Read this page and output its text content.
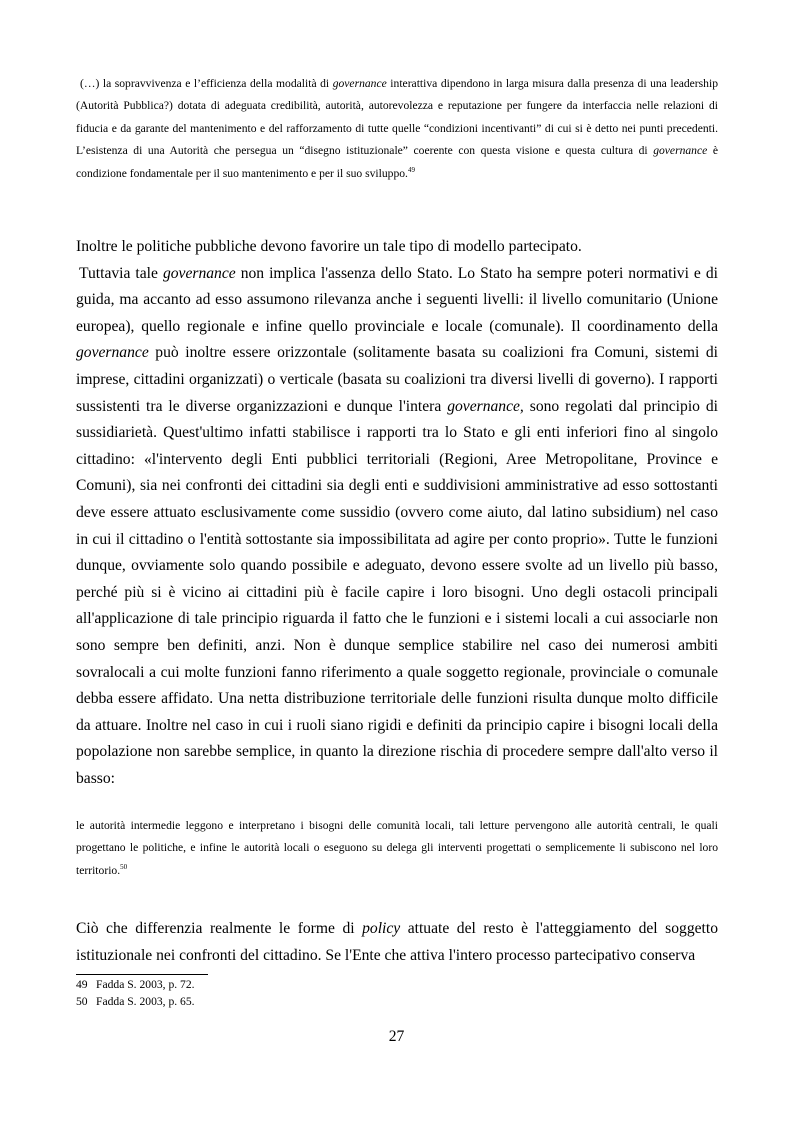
(…) la sopravvivenza e l’efficienza della modalità di governance interattiva dipendono in larga misura dalla presenza di una leadership (Autorità Pubblica?) dotata di adeguata credibilità, autorità, autorevolezza e reputazione per fungere da interfaccia nelle relazioni di fiducia e da garante del mantenimento e del rafforzamento di tutte quelle “condizioni incentivanti” di cui si è detto nei punti precedenti. L’esistenza di una Autorità che persegua un “disegno istituzionale” coerente con questa visione e questa cultura di governance è condizione fondamentale per il suo mantenimento e per il suo sviluppo.$^{49}$

Inoltre le politiche pubbliche devono favorire un tale tipo di modello partecipato.

Tuttavia tale governance non implica l'assenza dello Stato. Lo Stato ha sempre poteri normativi e di guida, ma accanto ad esso assumono rilevanza anche i seguenti livelli: il livello comunitario (Unione europea), quello regionale e infine quello provinciale e locale (comunale). Il coordinamento della governance può inoltre essere orizzontale (solitamente basata su coalizioni fra Comuni, sistemi di imprese, cittadini organizzati) o verticale (basata su coalizioni tra diversi livelli di governo). I rapporti sussistenti tra le diverse organizzazioni e dunque l'intera governance, sono regolati dal principio di sussidiarietà. Quest'ultimo infatti stabilisce i rapporti tra lo Stato e gli enti inferiori fino al singolo cittadino: «l'intervento degli Enti pubblici territoriali (Regioni, Aree Metropolitane, Province e Comuni), sia nei confronti dei cittadini sia degli enti e suddivisioni amministrative ad esso sottostanti deve essere attuato esclusivamente come sussidio (ovvero come aiuto, dal latino subsidium) nel caso in cui il cittadino o l'entità sottostante sia impossibilitata ad agire per conto proprio». Tutte le funzioni dunque, ovviamente solo quando possibile e adeguato, devono essere svolte ad un livello più basso, perché più si è vicino ai cittadini più è facile capire i loro bisogni. Uno degli ostacoli principali all'applicazione di tale principio riguarda il fatto che le funzioni e i sistemi locali a cui associarle non sono sempre ben definiti, anzi. Non è dunque semplice stabilire nel caso dei numerosi ambiti sovralocali a cui molte funzioni fanno riferimento a quale soggetto regionale, provinciale o comunale debba essere affidato. Una netta distribuzione territoriale delle funzioni risulta dunque molto difficile da attuare. Inoltre nel caso in cui i ruoli siano rigidi e definiti da principio capire i bisogni locali della popolazione non sarebbe semplice, in quanto la direzione rischia di procedere sempre dall'alto verso il basso:

le autorità intermedie leggono e interpretano i bisogni delle comunità locali, tali letture pervengono alle autorità centrali, le quali progettano le politiche, e infine le autorità locali o eseguono su delega gli interventi progettati o semplicemente li subiscono nel loro territorio.$^{50}$

Ciò che differenzia realmente le forme di policy attuate del resto è l'atteggiamento del soggetto istituzionale nei confronti del cittadino. Se l'Ente che attiva l'intero processo partecipativo conserva

49 Fadda S. 2003, p. 72.
50 Fadda S. 2003, p. 65.
27
